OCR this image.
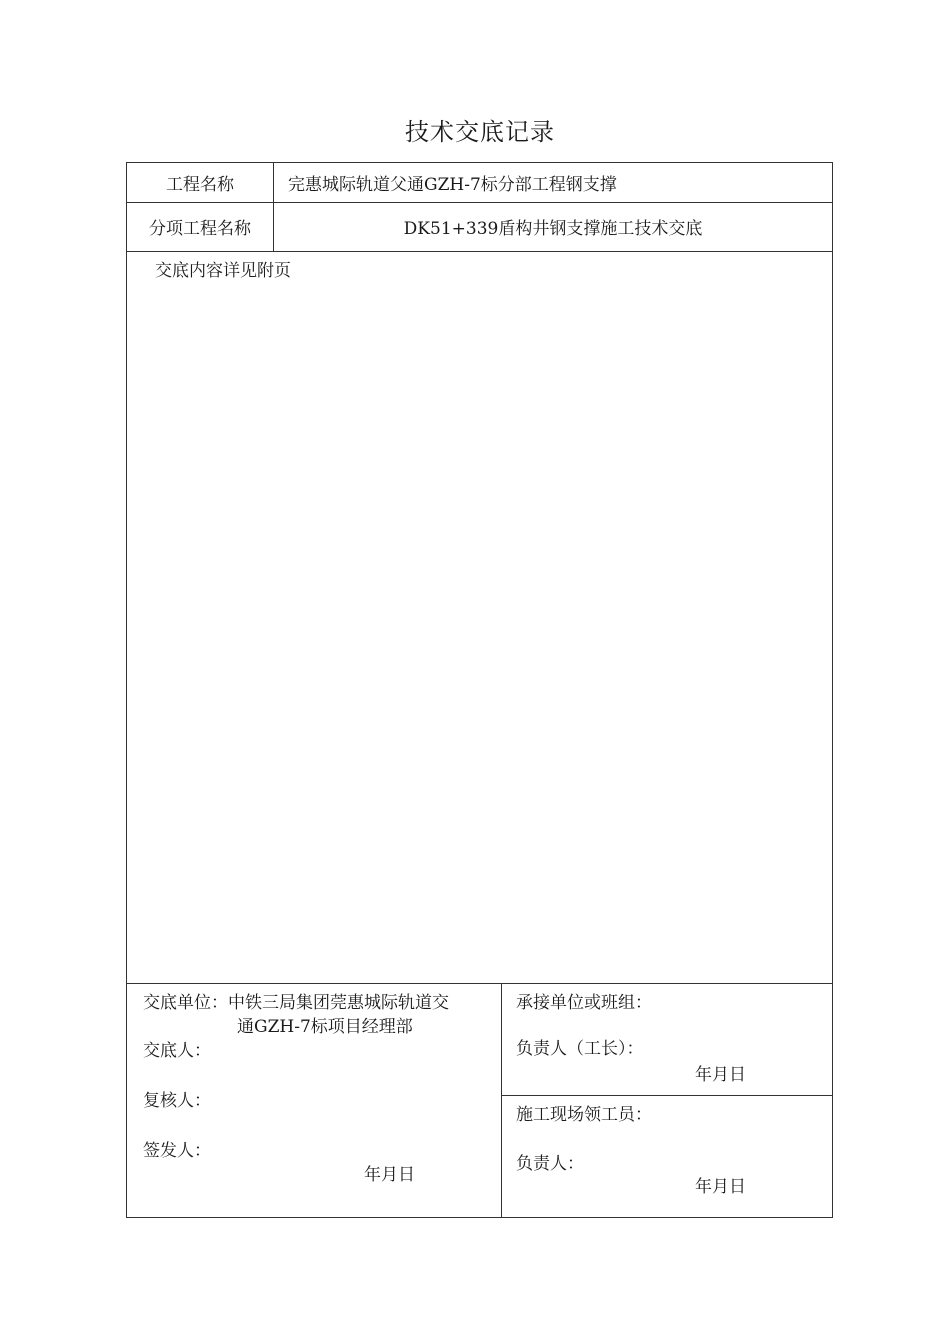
技术交底记录
工程名称	完惠城际轨道父通GZH-7标分部工程钢支撑
分项工程名称	DK51+339盾构井钢支撑施工技术交底
交底内容详见附页
交底单位：中铁三局集团莞惠城际轨道交
通GZH-7标项目经理部
交底人：
复核人：
签发人：
年月日
承接单位或班组：
负责人（工长）：
年月日
施工现场领工员：
负责人：
年月日
